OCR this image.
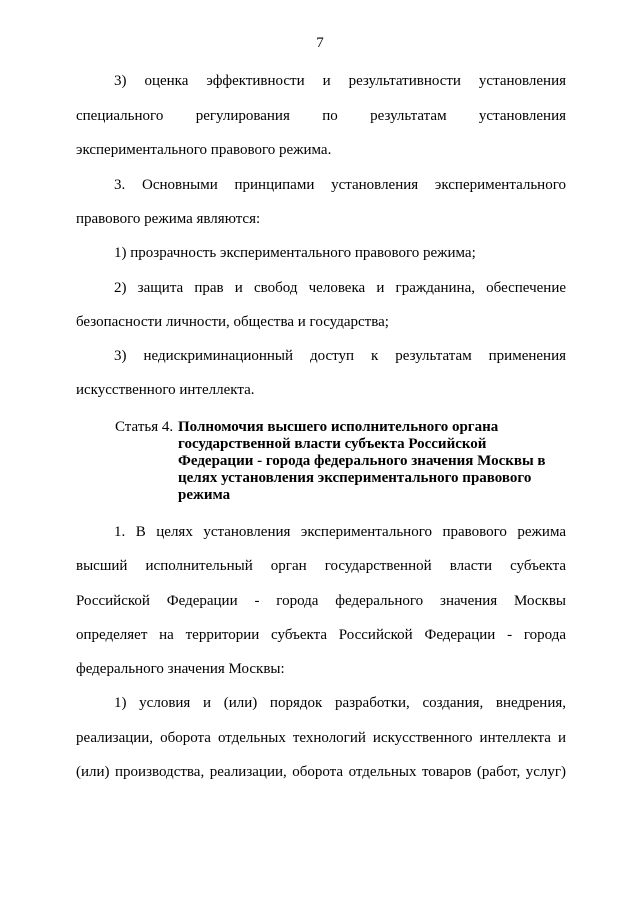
7
3)  оценка  эффективности  и  результативности  установления
специального  регулирования  по  результатам  установления
экспериментального правового режима.
3.  Основными  принципами  установления  экспериментального
правового режима являются:
1) прозрачность экспериментального правового режима;
2)  защита  прав  и  свобод  человека  и  гражданина,  обеспечение
безопасности личности, общества и государства;
3)  недискриминационный  доступ  к  результатам  применения
искусственного интеллекта.
Статья 4. Полномочия высшего исполнительного органа
государственной власти субъекта Российской
Федерации - города федерального значения Москвы в
целях установления экспериментального правового
режима
1.  В  целях  установления  экспериментального  правового  режима
высший  исполнительный  орган  государственной  власти  субъекта
Российской  Федерации  -  города  федерального  значения  Москвы
определяет на территории субъекта Российской Федерации - города
федерального значения Москвы:
1)  условия  и  (или)  порядок  разработки,  создания,  внедрения,
реализации, оборота отдельных технологий искусственного интеллекта и
(или) производства, реализации, оборота отдельных товаров (работ, услуг)
